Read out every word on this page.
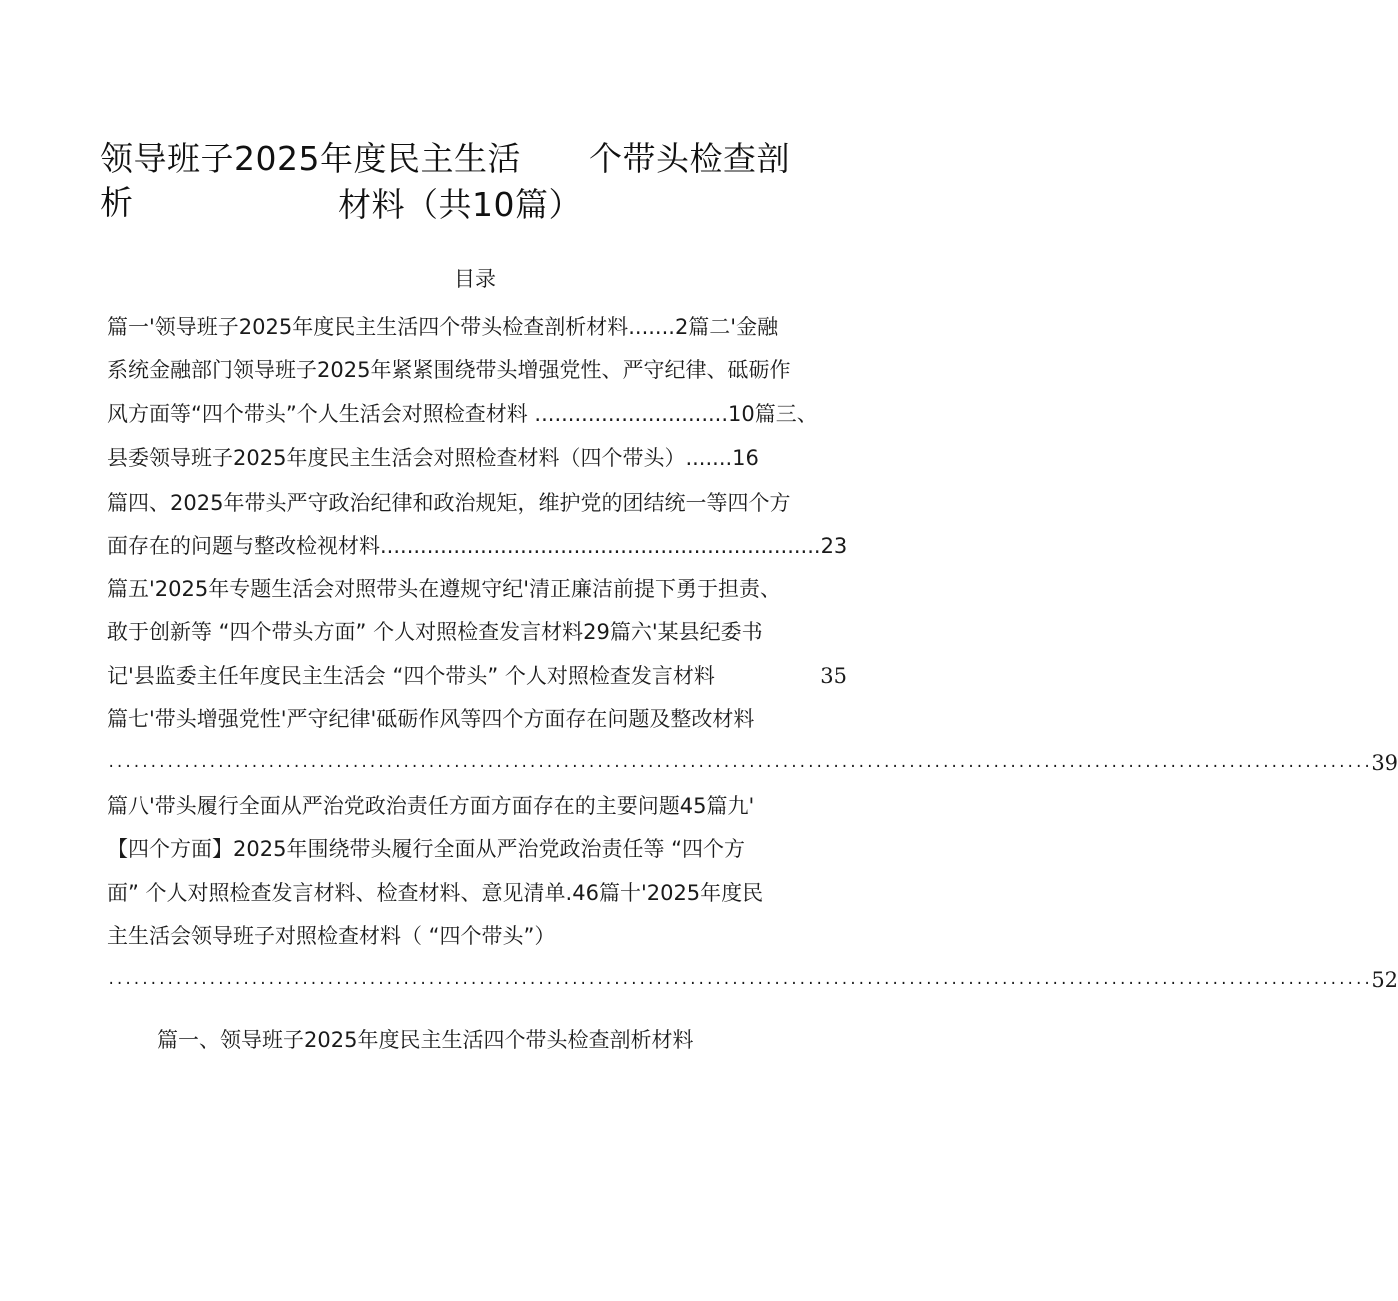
领导班子2025年度民主生活 个带头检查剖析	材料（共10篇）
目录
篇一'领导班子2025年度民主生活四个带头检查剖析材料.......2篇二'金融
系统金融部门领导班子2025年紧紧围绕带头增强党性、严守纪律、砥砺作
风方面等“四个带头”个人生活会对照检查材料 .............................10篇三、
县委领导班子2025年度民主生活会对照检查材料（四个带头）.......16
篇四、2025年带头严守政治纪律和政治规矩，维护党的团结统一等四个方
面存在的问题与整改检视材料..................................................................23
篇五'2025年专题生活会对照带头在遵规守纪'清正廉洁前提下勇于担责、
敢于创新等 “四个带头方面” 个人对照检查发言材料29篇六'某县纪委书
记'县监委主任年度民主生活会 “四个带头” 个人对照检查发言材料	35
篇七'带头增强党性'严守纪律'砥砺作风等四个方面存在问题及整改材料
...................................................................................................................................................... 39
篇八'带头履行全面从严治党政治责任方面方面存在的主要问题45篇九'
【四个方面】2025年围绕带头履行全面从严治党政治责任等 “四个方
面” 个人对照检查发言材料、检查材料、意见清单.46篇十'2025年度民
主生活会领导班子对照检查材料（ “四个带头”）
...................................................................................................................................................... 52
篇一、领导班子2025年度民主生活四个带头检查剖析材料
